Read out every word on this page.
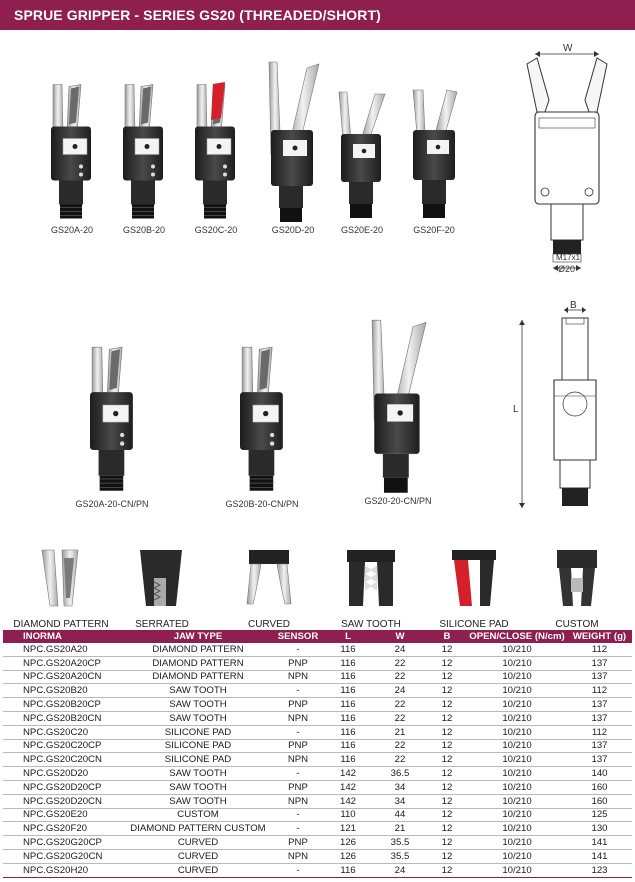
SPRUE GRIPPER - SERIES GS20 (THREADED/SHORT)
GS20A-20	GS20B-20	GS20C-20	GS20D-20	GS20E-20	GS20F-20
W
M17x1
Ø20
GS20A-20-CN/PN	GS20B-20-CN/PN	GS20-20-CN/PN
B
L
DIAMOND PATTERN	SERRATED	CURVED	SAW TOOTH	SILICONE PAD	CUSTOM
INORMA	JAW TYPE	SENSOR	L	W	B	OPEN/CLOSE (N/cm)	WEIGHT (g)
NPC.GS20A20	DIAMOND PATTERN	-	116	24	12	10/210	112
NPC.GS20A20CP	DIAMOND PATTERN	PNP	116	22	12	10/210	137
NPC.GS20A20CN	DIAMOND PATTERN	NPN	116	22	12	10/210	137
NPC.GS20B20	SAW TOOTH	-	116	24	12	10/210	112
NPC.GS20B20CP	SAW TOOTH	PNP	116	22	12	10/210	137
NPC.GS20B20CN	SAW TOOTH	NPN	116	22	12	10/210	137
NPC.GS20C20	SILICONE PAD	-	116	21	12	10/210	112
NPC.GS20C20CP	SILICONE PAD	PNP	116	22	12	10/210	137
NPC.GS20C20CN	SILICONE PAD	NPN	116	22	12	10/210	137
NPC.GS20D20	SAW TOOTH	-	142	36.5	12	10/210	140
NPC.GS20D20CP	SAW TOOTH	PNP	142	34	12	10/210	160
NPC.GS20D20CN	SAW TOOTH	NPN	142	34	12	10/210	160
NPC.GS20E20	CUSTOM	-	110	44	12	10/210	125
NPC.GS20F20	DIAMOND PATTERN CUSTOM	-	121	21	12	10/210	130
NPC.GS20G20CP	CURVED	PNP	126	35.5	12	10/210	141
NPC.GS20G20CN	CURVED	NPN	126	35.5	12	10/210	141
NPC.GS20H20	CURVED	-	116	24	12	10/210	123
